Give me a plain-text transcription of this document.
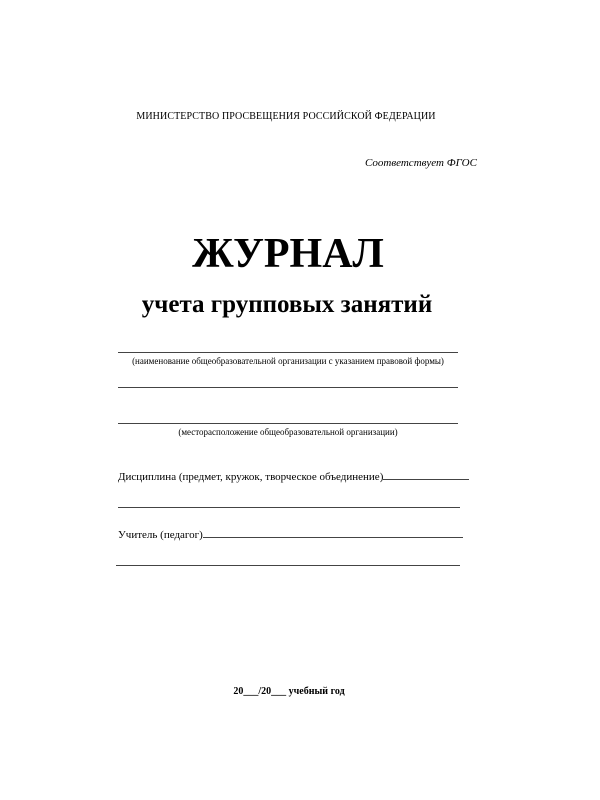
МИНИСТЕРСТВО ПРОСВЕЩЕНИЯ РОССИЙСКОЙ ФЕДЕРАЦИИ
Соответствует ФГОС
ЖУРНАЛ
учета групповых занятий
(наименование общеобразовательной организации с указанием правовой формы)
(месторасположение общеобразовательной организации)
Дисциплина (предмет, кружок, творческое объединение)
Учитель (педагог)
20___/20___ учебный год
